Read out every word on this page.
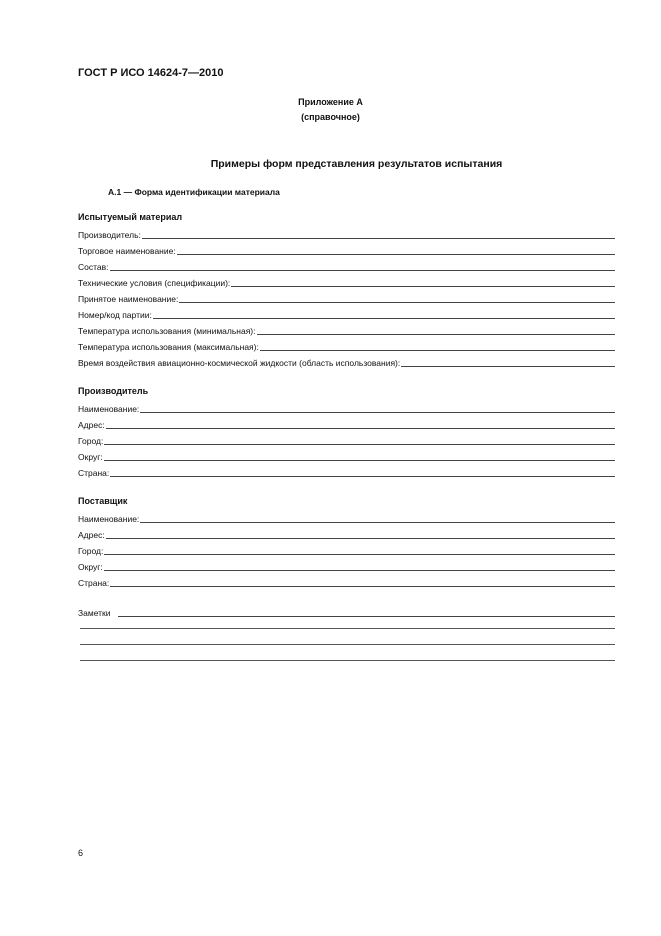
ГОСТ Р ИСО 14624-7—2010
Приложение А
(справочное)
Примеры форм представления результатов испытания
А.1 — Форма идентификации материала
Испытуемый материал
Производитель:
Торговое наименование:
Состав:
Технические условия (спецификации):
Принятое наименование:
Номер/код партии:
Температура использования (минимальная):
Температура использования (максимальная):
Время воздействия авиационно-космической жидкости (область использования):
Производитель
Наименование:
Адрес:
Город:
Округ:
Страна:
Поставщик
Наименование:
Адрес:
Город:
Округ:
Страна:
Заметки
6
